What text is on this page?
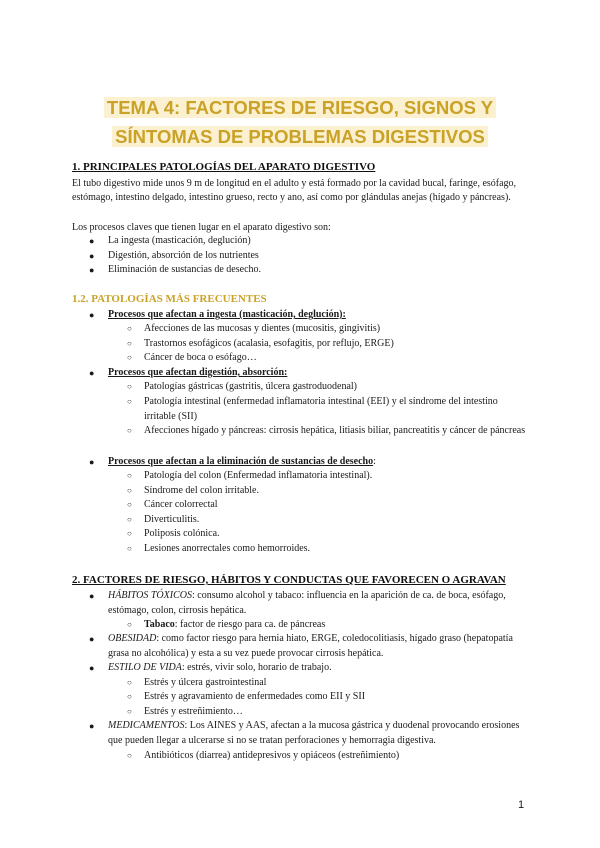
TEMA 4: FACTORES DE RIESGO, SIGNOS Y
SÍNTOMAS DE PROBLEMAS DIGESTIVOS
1. PRINCIPALES PATOLOGÍAS DEL APARATO DIGESTIVO
El tubo digestivo mide unos 9 m de longitud en el adulto y está formado por la cavidad bucal, faringe, esófago, estómago, intestino delgado, intestino grueso, recto y ano, así como por glándulas anejas (hígado y páncreas).
Los procesos claves que tienen lugar en el aparato digestivo son:
● La ingesta (masticación, deglución)
● Digestión, absorción de los nutrientes
● Eliminación de sustancias de desecho.
1.2. PATOLOGÍAS MÁS FRECUENTES
● Procesos que afectan a ingesta (masticación, deglución):
○ Afecciones de las mucosas y dientes (mucositis, gingivitis)
○ Trastornos esofágicos (acalasia, esofagitis, por reflujo, ERGE)
○ Cáncer de boca o esófago…
● Procesos que afectan digestión, absorción:
○ Patologías gástricas (gastritis, úlcera gastroduodenal)
○ Patología intestinal (enfermedad inflamatoria intestinal (EEI) y el síndrome del intestino irritable (SII)
○ Afecciones hígado y páncreas: cirrosis hepática, litiasis biliar, pancreatitis y cáncer de páncreas
● Procesos que afectan a la eliminación de sustancias de desecho:
○ Patología del colon (Enfermedad inflamatoria intestinal).
○ Síndrome del colon irritable.
○ Cáncer colorrectal
○ Diverticulitis.
○ Poliposis colónica.
○ Lesiones anorrectales como hemorroides.
2. FACTORES DE RIESGO, HÁBITOS Y CONDUCTAS QUE FAVORECEN O AGRAVAN
● HÁBITOS TÓXICOS: consumo alcohol y tabaco: influencia en la aparición de ca. de boca, esófago, estómago, colon, cirrosis hepática.
○ Tabaco: factor de riesgo para ca. de páncreas
● OBESIDAD: como factor riesgo para hernia hiato, ERGE, coledocolitiasis, hígado graso (hepatopatía grasa no alcohólica) y esta a su vez puede provocar cirrosis hepática.
● ESTILO DE VIDA: estrés, vivir solo, horario de trabajo.
○ Estrés y úlcera gastrointestinal
○ Estrés y agravamiento de enfermedades como EII y SII
○ Estrés y estreñimiento…
● MEDICAMENTOS: Los AINES y AAS, afectan a la mucosa gástrica y duodenal provocando erosiones que pueden llegar a ulcerarse si no se tratan perforaciones y hemorragia digestiva.
○ Antibióticos (diarrea) antidepresivos y opiáceos (estreñimiento)
1
